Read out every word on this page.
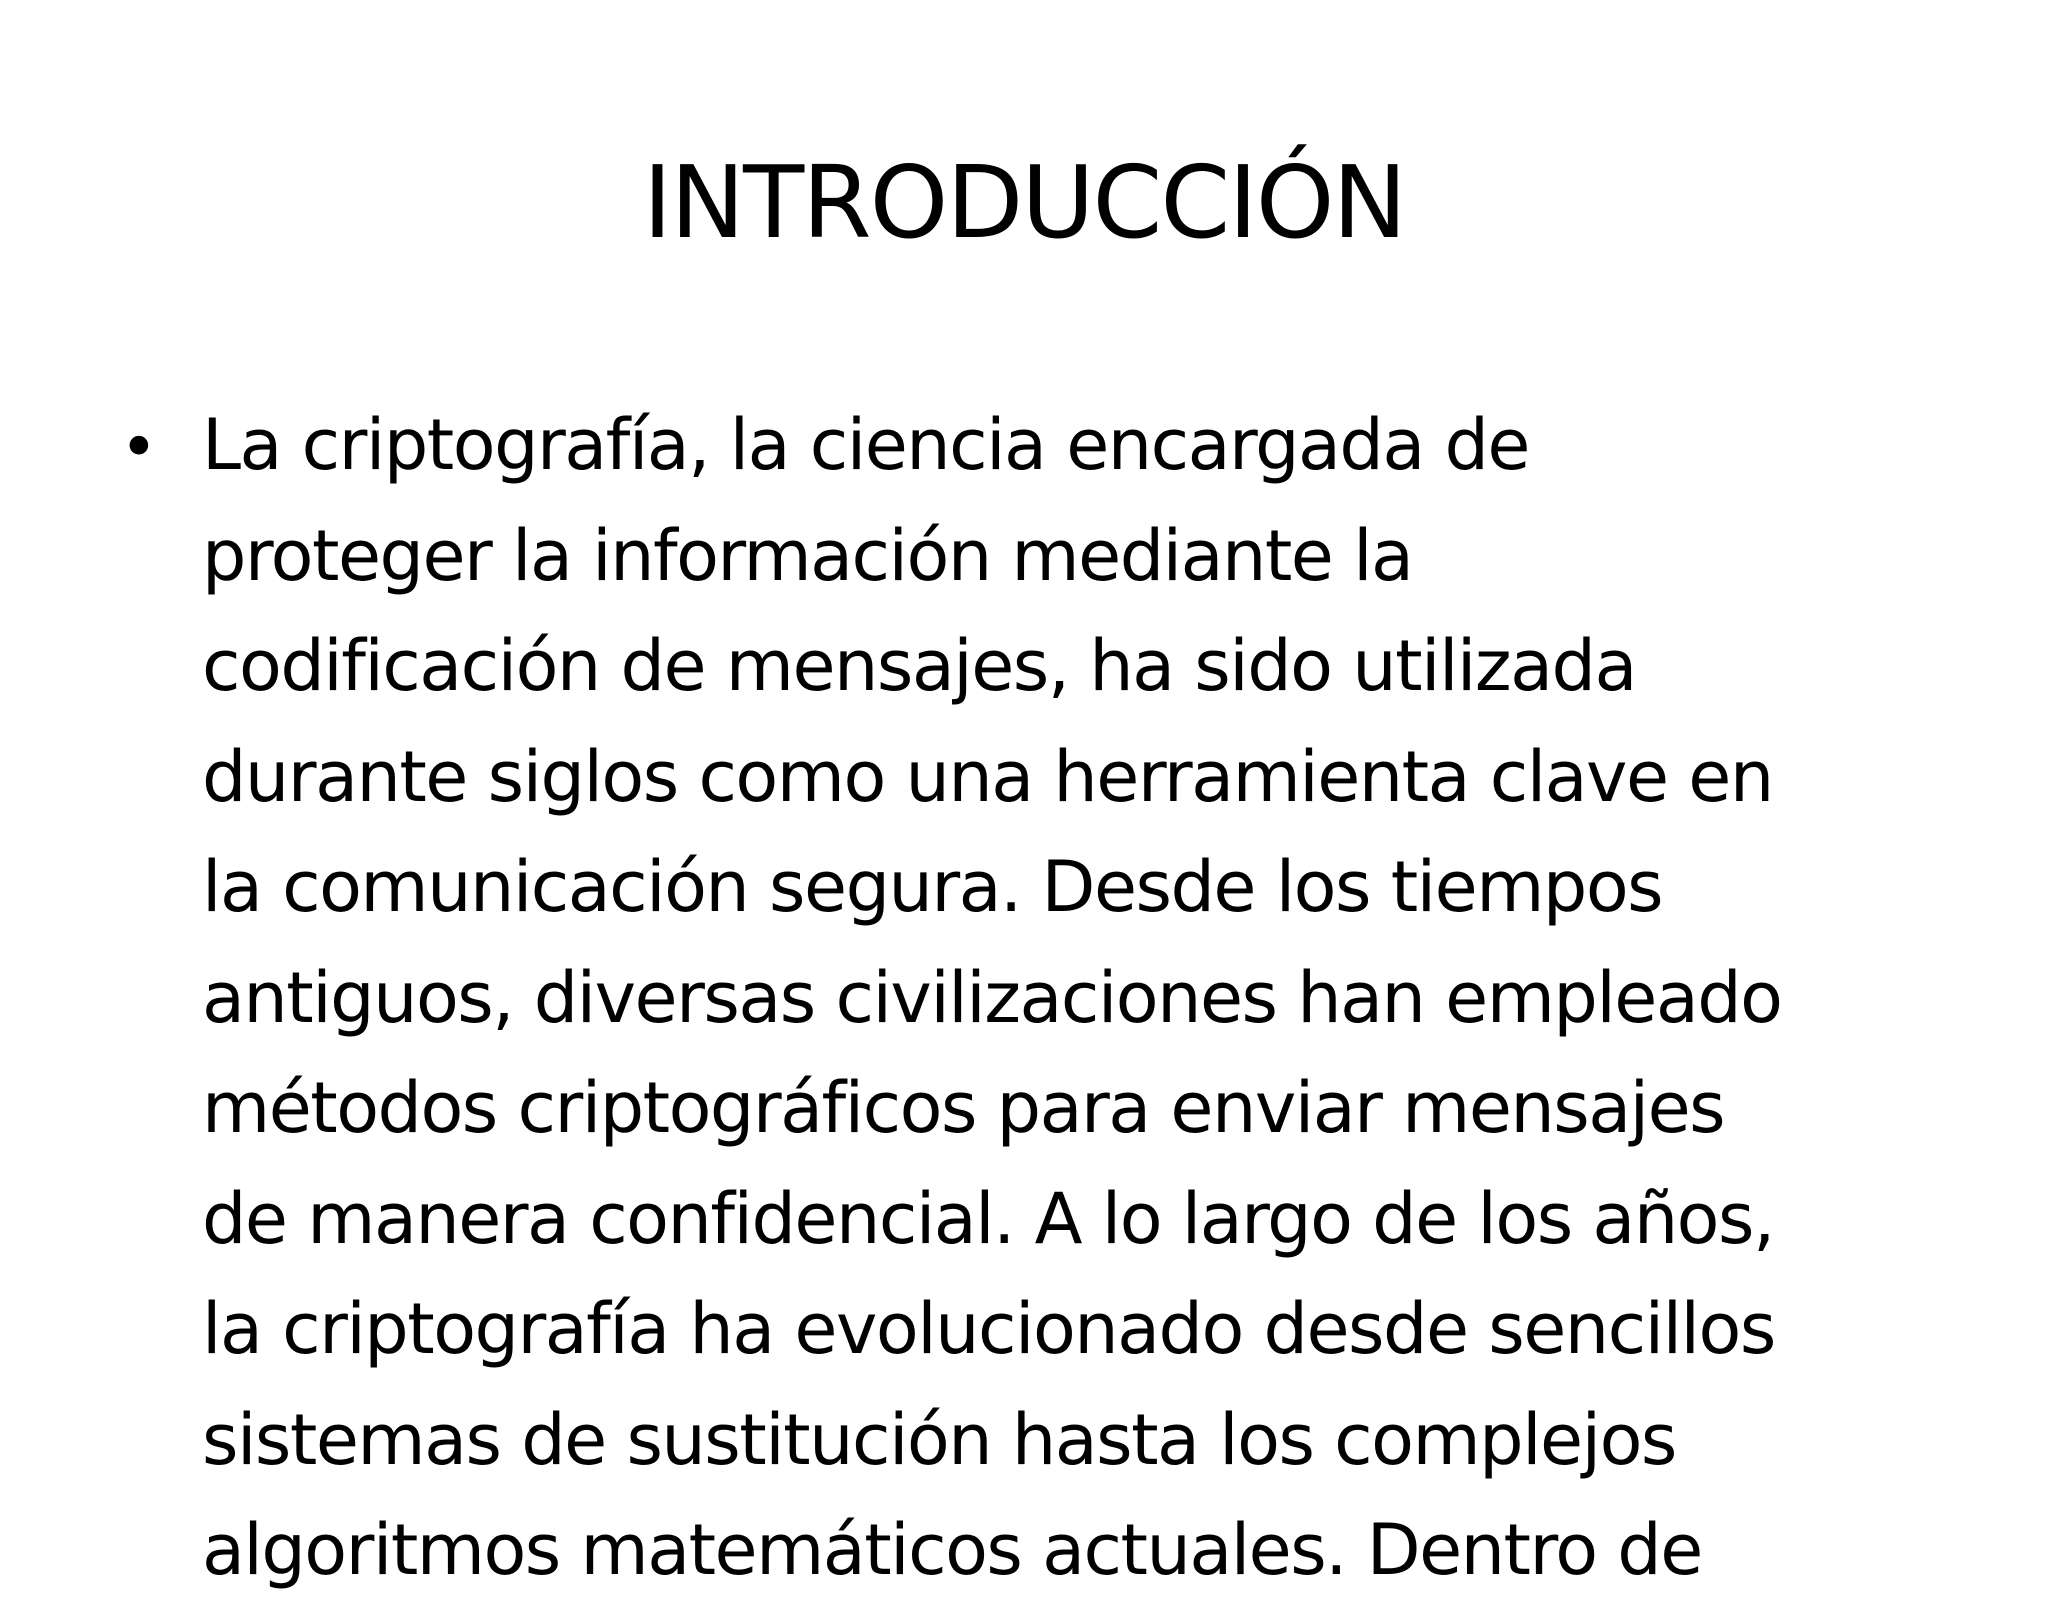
INTRODUCCIÓN
• La criptografía, la ciencia encargada de
proteger la información mediante la
codificación de mensajes, ha sido utilizada
durante siglos como una herramienta clave en
la comunicación segura. Desde los tiempos
antiguos, diversas civilizaciones han empleado
métodos criptográficos para enviar mensajes
de manera confidencial. A lo largo de los años,
la criptografía ha evolucionado desde sencillos
sistemas de sustitución hasta los complejos
algoritmos matemáticos actuales. Dentro de
